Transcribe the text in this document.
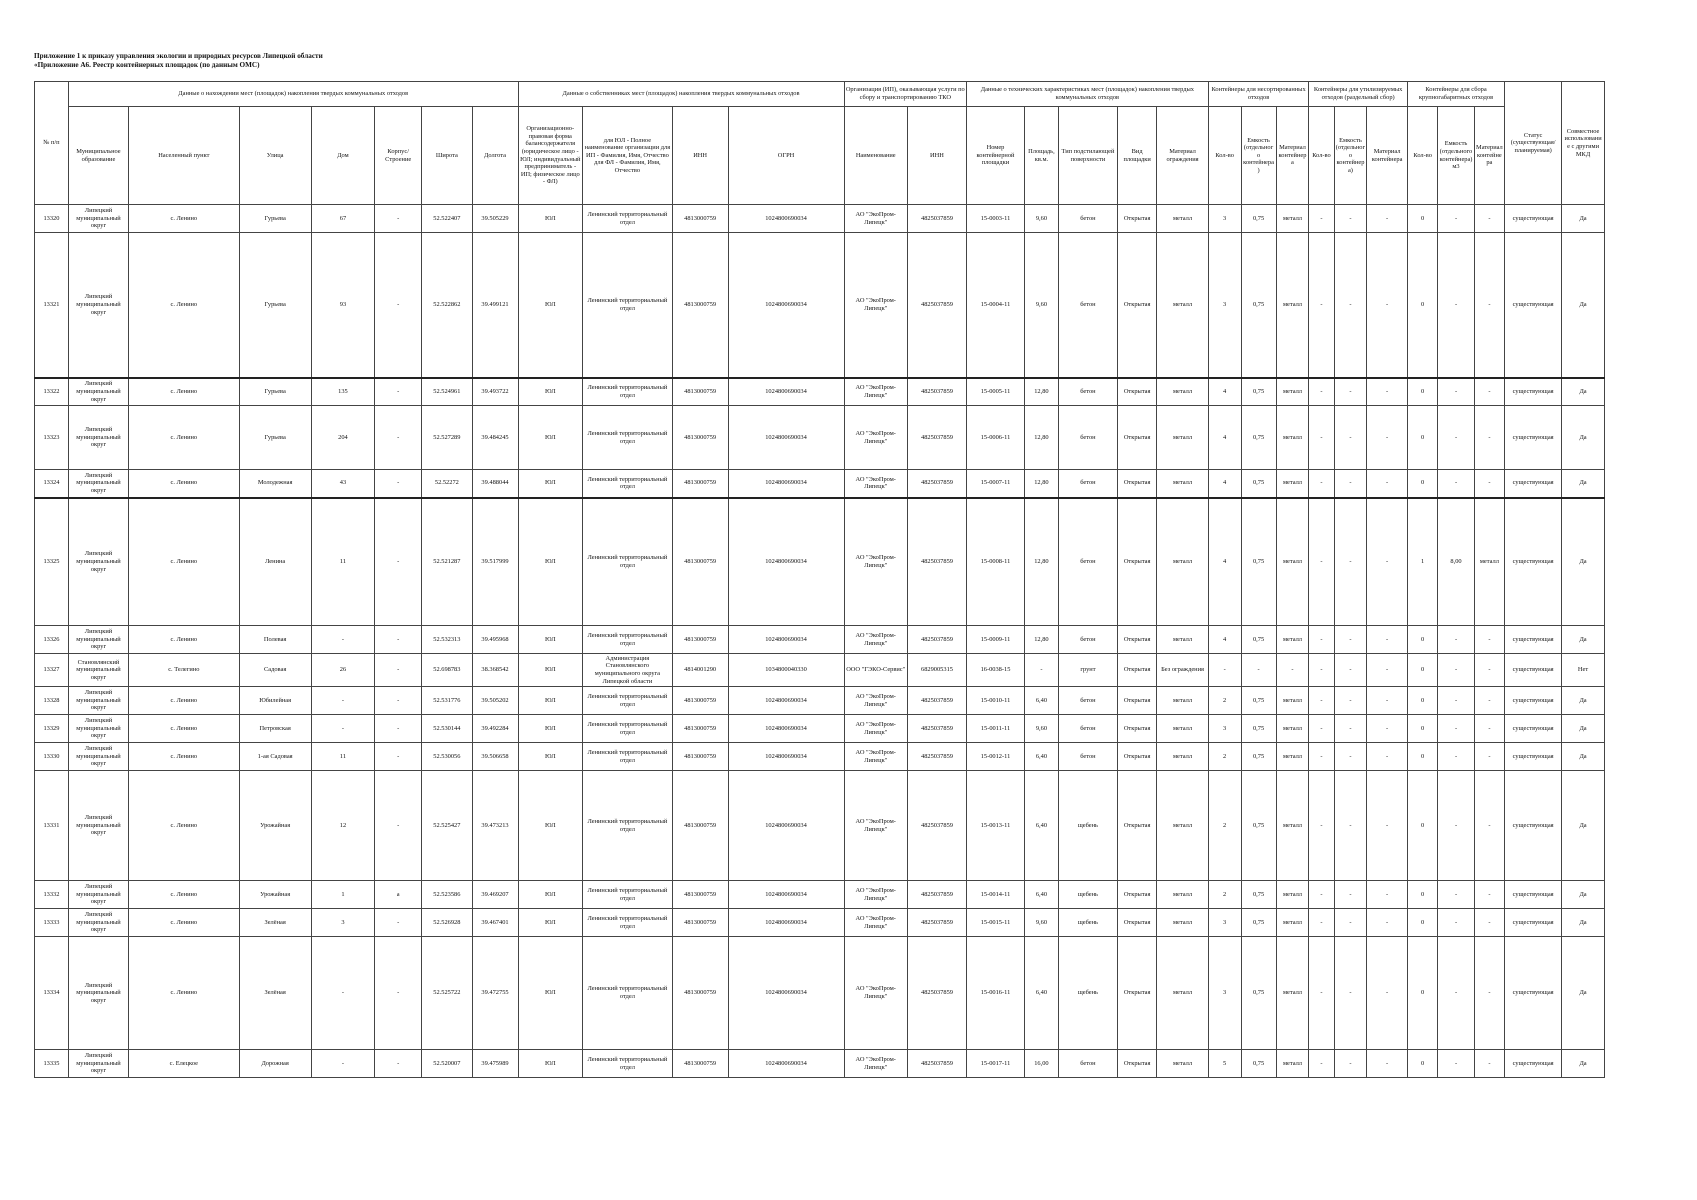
Приложение 1 к приказу управления экологии и природных ресурсов Липецкой области
«Приложение А6. Реестр контейнерных площадок (по данным ОМС)
№ п/п	Данные о нахождении мест (площадок) накопления твердых коммунальных отходов							Данные о собственниках мест (площадок) накопления твердых коммунальных отходов				Организация (ИП), оказывающая услуги по сбору и транспортированию ТКО		Данные о технических характеристиках мест (площадок) накопления твердых коммунальных отходов					Контейнеры для несортированных отходов			Контейнеры для утилизируемых отходов (раздельный сбор)			Контейнеры для сбора крупногабаритных отходов			Статус (существующая/ планируемая)	Совместное использование с другими МКД
	Муниципальное образование	Населенный пункт	Улица	Дом	Корпус/Строение	Широта	Долгота	Организационно-правовая форма балансодержателя (юридическое лицо - ЮЛ; индивидуальный предприниматель - ИП; физическое лицо - ФЛ)	для ЮЛ - Полное наименование организации для ИП - Фамилия, Имя, Отчество для ФЛ - Фамилия, Имя, Отчество	ИНН	ОГРН	Наименование	ИНН	Номер контейнерной площадки	Площадь, кв.м.	Тип подстилающей поверхности	Вид площадки	Материал ограждения	Кол-во	Емкость (отдельного контейнера)	Материал контейнера	Кол-во	Емкость (отдельного контейнера)	Материал контейнера	Кол-во	Емкость (отдельного контейнера) м3	Материал контейнера		
13320	Липецкий муниципальный округ	с. Ленино	Гурьева	67	-	52.522407	39.505229	ЮЛ	Ленинский территориальный отдел	4813000759	1024800690034	АО "ЭкоПром-Липецк"	4825037859	15-0003-11	9,60	бетон	Открытая	металл	3	0,75	металл	-	-	-	0	-	-	существующая	Да
13321	Липецкий муниципальный округ	с. Ленино	Гурьева	93	-	52.522862	39.499121	ЮЛ	Ленинский территориальный отдел	4813000759	1024800690034	АО "ЭкоПром-Липецк"	4825037859	15-0004-11	9,60	бетон	Открытая	металл	3	0,75	металл	-	-	-	0	-	-	существующая	Да
13322	Липецкий муниципальный округ	с. Ленино	Гурьева	135	-	52.524961	39.493722	ЮЛ	Ленинский территориальный отдел	4813000759	1024800690034	АО "ЭкоПром-Липецк"	4825037859	15-0005-11	12,80	бетон	Открытая	металл	4	0,75	металл	-	-	-	0	-	-	существующая	Да
13323	Липецкий муниципальный округ	с. Ленино	Гурьева	204	-	52.527289	39.484245	ЮЛ	Ленинский территориальный отдел	4813000759	1024800690034	АО "ЭкоПром-Липецк"	4825037859	15-0006-11	12,80	бетон	Открытая	металл	4	0,75	металл	-	-	-	0	-	-	существующая	Да
13324	Липецкий муниципальный округ	с. Ленино	Молодежная	43	-	52.52272	39.488044	ЮЛ	Ленинский территориальный отдел	4813000759	1024800690034	АО "ЭкоПром-Липецк"	4825037859	15-0007-11	12,80	бетон	Открытая	металл	4	0,75	металл	-	-	-	0	-	-	существующая	Да
13325	Липецкий муниципальный округ	с. Ленино	Ленина	11	-	52.521287	39.517999	ЮЛ	Ленинский территориальный отдел	4813000759	1024800690034	АО "ЭкоПром-Липецк"	4825037859	15-0008-11	12,80	бетон	Открытая	металл	4	0,75	металл	-	-	-	1	8,00	металл	существующая	Да
13326	Липецкий муниципальный округ	с. Ленино	Полевая	-	-	52.532313	39.495968	ЮЛ	Ленинский территориальный отдел	4813000759	1024800690034	АО "ЭкоПром-Липецк"	4825037859	15-0009-11	12,80	бетон	Открытая	металл	4	0,75	металл	-	-	-	0	-	-	существующая	Да
13327	Становлянский муниципальный округ	с. Телегино	Садовая	26	-	52.698783	38.368542	ЮЛ	Администрация Становлянского муниципального округа Липецкой области	4814001290	1034800040330	ООО "ГЭКО-Сервис"	6829005315	16-0038-15	-	грунт	Открытая	Без ограждения	-	-	-	-	-	-	0	-	-	существующая	Нет
13328	Липецкий муниципальный округ	с. Ленино	Юбилейная	-	-	52.531776	39.505202	ЮЛ	Ленинский территориальный отдел	4813000759	1024800690034	АО "ЭкоПром-Липецк"	4825037859	15-0010-11	6,40	бетон	Открытая	металл	2	0,75	металл	-	-	-	0	-	-	существующая	Да
13329	Липецкий муниципальный округ	с. Ленино	Петровская	-	-	52.530144	39.492284	ЮЛ	Ленинский территориальный отдел	4813000759	1024800690034	АО "ЭкоПром-Липецк"	4825037859	15-0011-11	9,60	бетон	Открытая	металл	3	0,75	металл	-	-	-	0	-	-	существующая	Да
13330	Липецкий муниципальный округ	с. Ленино	1-ая Садовая	11	-	52.530056	39.506658	ЮЛ	Ленинский территориальный отдел	4813000759	1024800690034	АО "ЭкоПром-Липецк"	4825037859	15-0012-11	6,40	бетон	Открытая	металл	2	0,75	металл	-	-	-	0	-	-	существующая	Да
13331	Липецкий муниципальный округ	с. Ленино	Урожайная	12	-	52.525427	39.473213	ЮЛ	Ленинский территориальный отдел	4813000759	1024800690034	АО "ЭкоПром-Липецк"	4825037859	15-0013-11	6,40	щебень	Открытая	металл	2	0,75	металл	-	-	-	0	-	-	существующая	Да
13332	Липецкий муниципальный округ	с. Ленино	Урожайная	1	а	52.523586	39.469207	ЮЛ	Ленинский территориальный отдел	4813000759	1024800690034	АО "ЭкоПром-Липецк"	4825037859	15-0014-11	6,40	щебень	Открытая	металл	2	0,75	металл	-	-	-	0	-	-	существующая	Да
13333	Липецкий муниципальный округ	с. Ленино	Зелёная	3	-	52.526928	39.467401	ЮЛ	Ленинский территориальный отдел	4813000759	1024800690034	АО "ЭкоПром-Липецк"	4825037859	15-0015-11	9,60	щебень	Открытая	металл	3	0,75	металл	-	-	-	0	-	-	существующая	Да
13334	Липецкий муниципальный округ	с. Ленино	Зелёная	-	-	52.525722	39.472755	ЮЛ	Ленинский территориальный отдел	4813000759	1024800690034	АО "ЭкоПром-Липецк"	4825037859	15-0016-11	6,40	щебень	Открытая	металл	3	0,75	металл	-	-	-	0	-	-	существующая	Да
13335	Липецкий муниципальный округ	с. Елецкое	Дорожная	-	-	52.520007	39.475989	ЮЛ	Ленинский территориальный отдел	4813000759	1024800690034	АО "ЭкоПром-Липецк"	4825037859	15-0017-11	16,00	бетон	Открытая	металл	5	0,75	металл	-	-	-	0	-	-	существующая	Да
